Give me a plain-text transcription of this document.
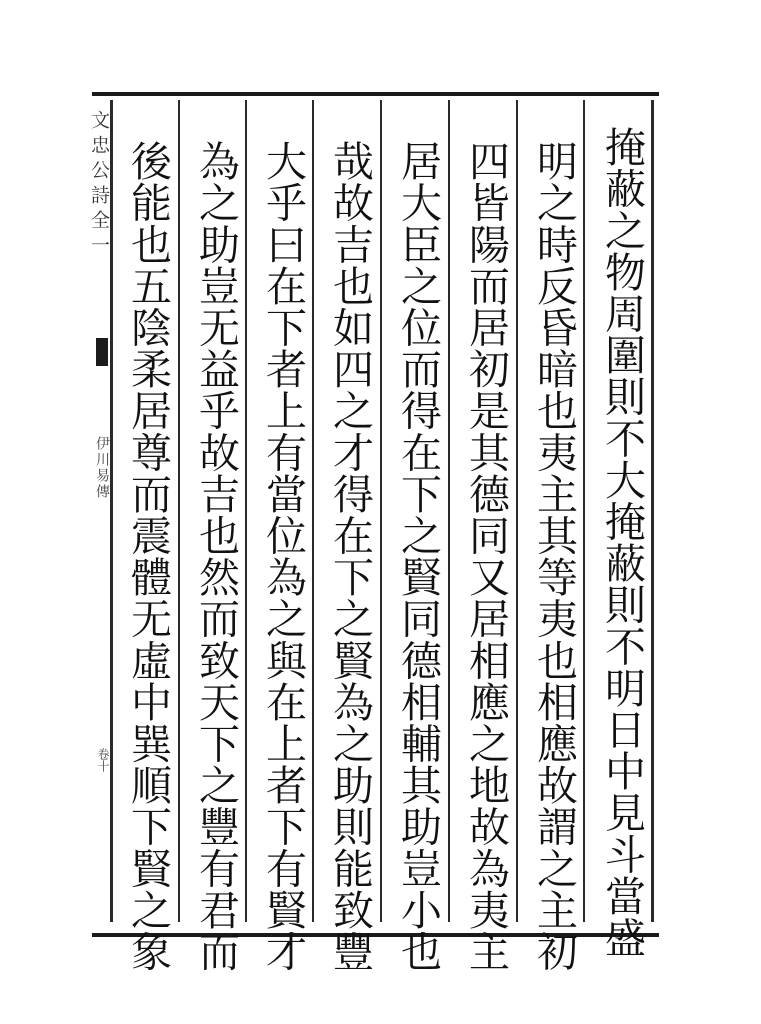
文忠公詩全一
伊川易傳
卷十	掩蔽之物周圍則不大掩蔽則不明日中見斗當盛
明之時反昏暗也夷主其等夷也相應故謂之主初
四皆陽而居初是其德同又居相應之地故為夷主
居大臣之位而得在下之賢同德相輔其助豈小也
哉故吉也如四之才得在下之賢為之助則能致豐
大乎曰在下者上有當位為之與在上者下有賢才
為之助豈无益乎故吉也然而致天下之豐有君而
後能也五陰柔居尊而震體无虛中巽順下賢之象
